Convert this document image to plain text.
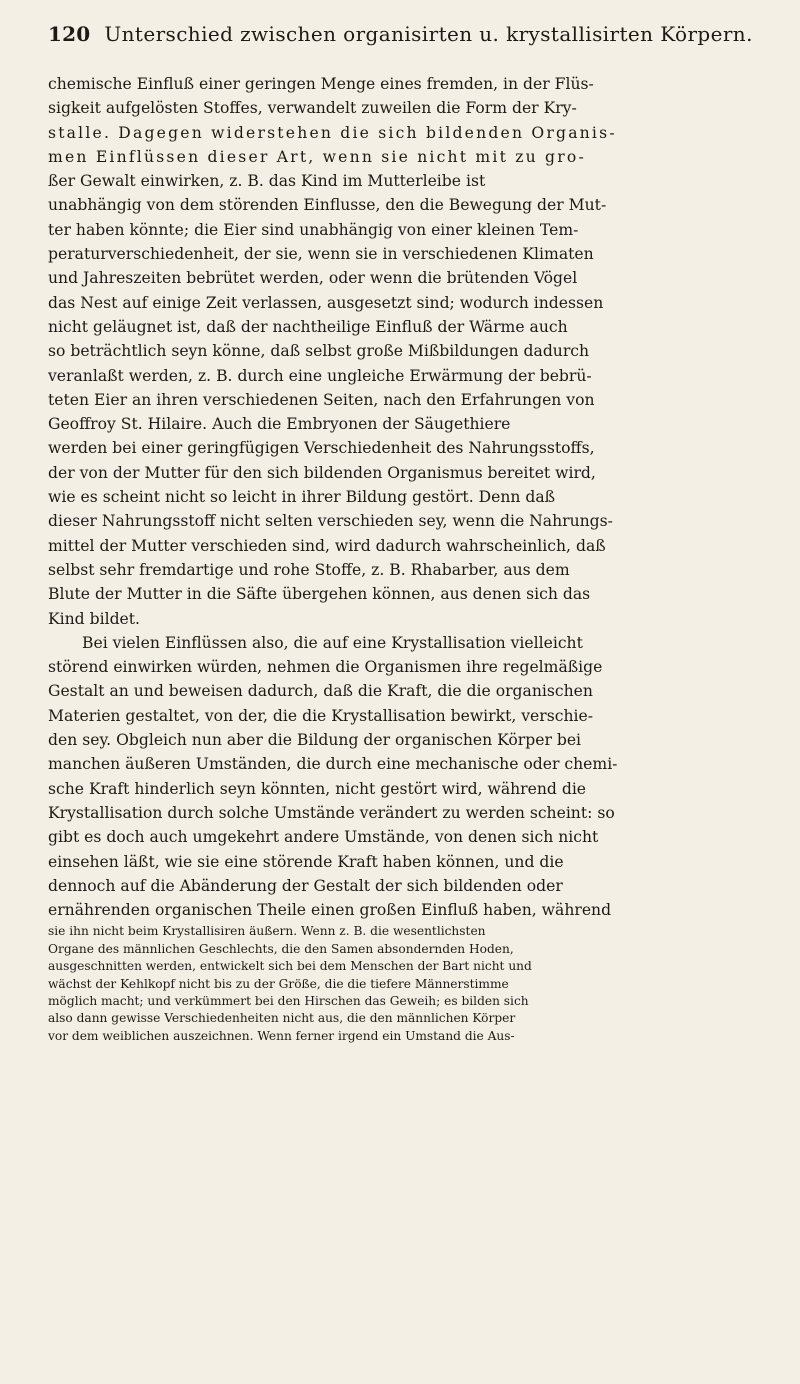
120 Unterschied zwischen organisirten u. krystallisirten Körpern.
chemische Einfluß einer geringen Menge eines fremden, in der Flüs-
sigkeit aufgelösten Stoffes, verwandelt zuweilen die Form der Kry-
stalle. Dagegen widerstehen die sich bildenden Organis-
men Einflüssen dieser Art, wenn sie nicht mit zu gro-
ßer Gewalt einwirken, z. B. das Kind im Mutterleibe ist
unabhängig von dem störenden Einflusse, den die Bewegung der Mut-
ter haben könnte; die Eier sind unabhängig von einer kleinen Tem-
peraturverschiedenheit, der sie, wenn sie in verschiedenen Klimaten
und Jahreszeiten bebrütet werden, oder wenn die brütenden Vögel
das Nest auf einige Zeit verlassen, ausgesetzt sind; wodurch indessen
nicht geläugnet ist, daß der nachtheilige Einfluß der Wärme auch
so beträchtlich seyn könne, daß selbst große Mißbildungen dadurch
veranlaßt werden, z. B. durch eine ungleiche Erwärmung der bebrü-
teten Eier an ihren verschiedenen Seiten, nach den Erfahrungen von
Geoffroy St. Hilaire. Auch die Embryonen der Säugethiere
werden bei einer geringfügigen Verschiedenheit des Nahrungsstoffs,
der von der Mutter für den sich bildenden Organismus bereitet wird,
wie es scheint nicht so leicht in ihrer Bildung gestört. Denn daß
dieser Nahrungsstoff nicht selten verschieden sey, wenn die Nahrungs-
mittel der Mutter verschieden sind, wird dadurch wahrscheinlich, daß
selbst sehr fremdartige und rohe Stoffe, z. B. Rhabarber, aus dem
Blute der Mutter in die Säfte übergehen können, aus denen sich das
Kind bildet.
Bei vielen Einflüssen also, die auf eine Krystallisation vielleicht
störend einwirken würden, nehmen die Organismen ihre regelmäßige
Gestalt an und beweisen dadurch, daß die Kraft, die die organischen
Materien gestaltet, von der, die die Krystallisation bewirkt, verschie-
den sey. Obgleich nun aber die Bildung der organischen Körper bei
manchen äußeren Umständen, die durch eine mechanische oder chemi-
sche Kraft hinderlich seyn könnten, nicht gestört wird, während die
Krystallisation durch solche Umstände verändert zu werden scheint: so
gibt es doch auch umgekehrt andere Umstände, von denen sich nicht
einsehen läßt, wie sie eine störende Kraft haben können, und die
dennoch auf die Abänderung der Gestalt der sich bildenden oder
ernährenden organischen Theile einen großen Einfluß haben, während
sie ihn nicht beim Krystallisiren äußern. Wenn z. B. die wesentlichsten
Organe des männlichen Geschlechts, die den Samen absondernden Hoden,
ausgeschnitten werden, entwickelt sich bei dem Menschen der Bart nicht und
wächst der Kehlkopf nicht bis zu der Größe, die die tiefere Männerstimme
möglich macht; und verkümmert bei den Hirschen das Geweih; es bilden sich
also dann gewisse Verschiedenheiten nicht aus, die den männlichen Körper
vor dem weiblichen auszeichnen. Wenn ferner irgend ein Umstand die Aus-
